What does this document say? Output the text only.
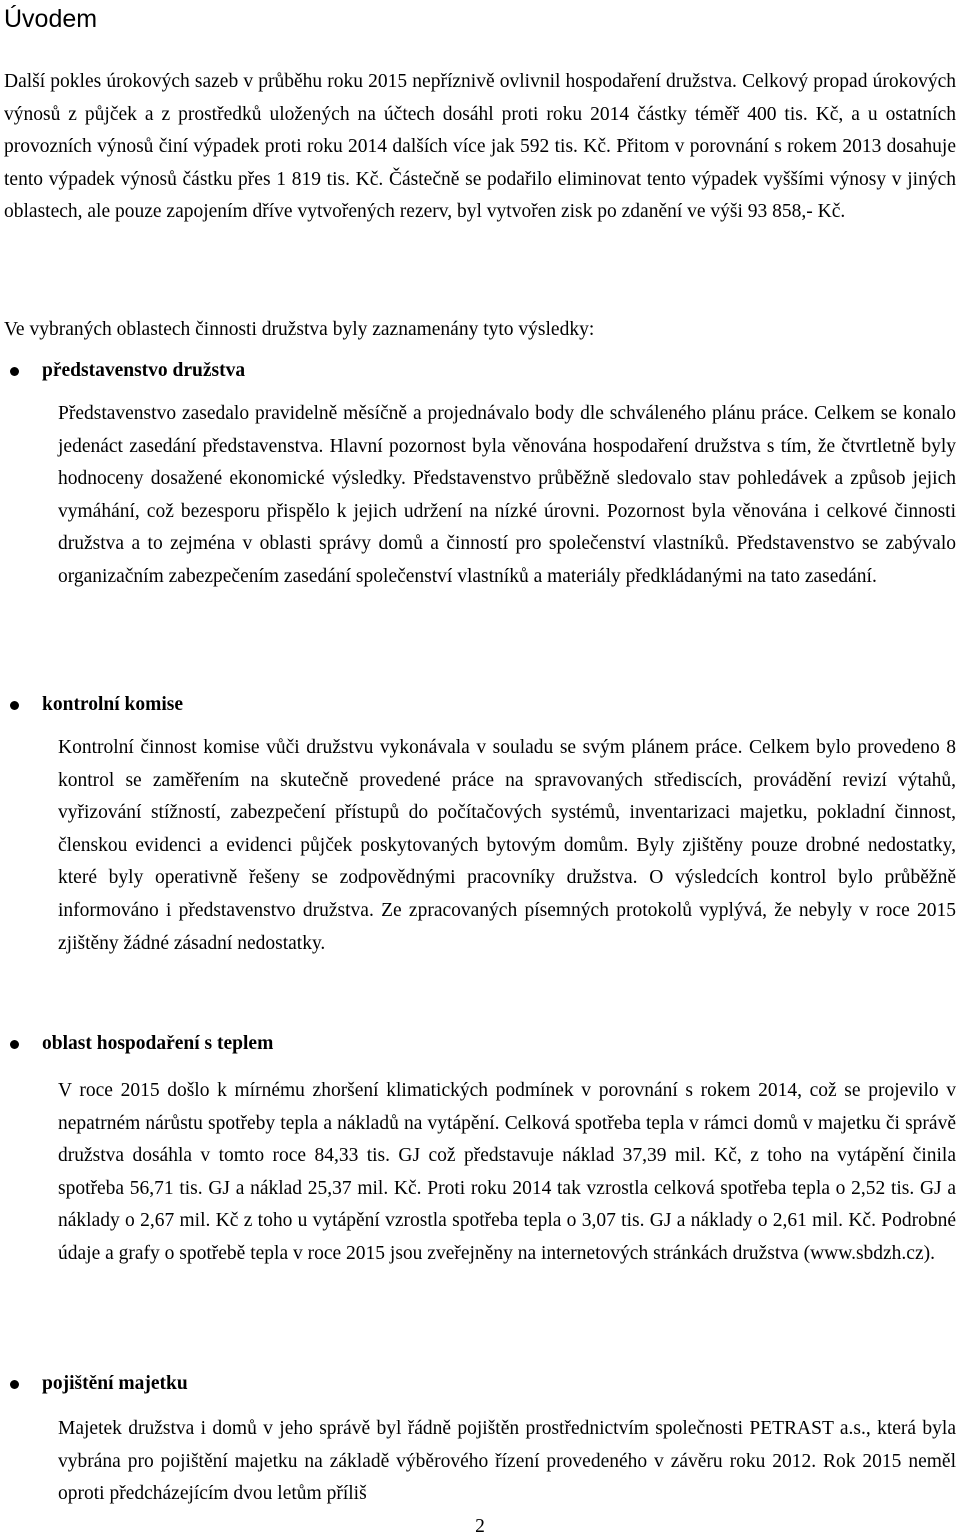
Úvodem

Další pokles úrokových sazeb v průběhu roku 2015 nepříznivě ovlivnil hospodaření družstva. Celkový propad úrokových výnosů z půjček a z prostředků uložených na účtech dosáhl proti roku 2014 částky téměř 400 tis. Kč, a u ostatních provozních výnosů činí výpadek proti roku 2014 dalších více jak 592 tis. Kč. Přitom v porovnání s rokem 2013 dosahuje tento výpadek výnosů částku přes 1 819 tis. Kč. Částečně se podařilo eliminovat tento výpadek vyššími výnosy v jiných oblastech, ale pouze zapojením dříve vytvořených rezerv, byl vytvořen zisk po zdanění ve výši 93 858,- Kč.

Ve vybraných oblastech činnosti družstva byly zaznamenány tyto výsledky:

představenstvo družstva

Představenstvo zasedalo pravidelně měsíčně a projednávalo body dle schváleného plánu práce. Celkem se konalo jedenáct zasedání představenstva. Hlavní pozornost byla věnována hospodaření družstva s tím, že čtvrtletně byly hodnoceny dosažené ekonomické výsledky. Představenstvo průběžně sledovalo stav pohledávek a způsob jejich vymáhání, což bezesporu přispělo k jejich udržení na nízké úrovni. Pozornost byla věnována i celkové činnosti družstva a to zejména v oblasti správy domů a činností pro společenství vlastníků. Představenstvo se zabývalo organizačním zabezpečením zasedání společenství vlastníků a materiály předkládanými na tato zasedání.

kontrolní komise

Kontrolní činnost komise vůči družstvu vykonávala v souladu se svým plánem práce. Celkem bylo provedeno 8 kontrol se zaměřením na skutečně provedené práce na spravovaných střediscích, provádění revizí výtahů, vyřizování stížností, zabezpečení přístupů do počítačových systémů, inventarizaci majetku, pokladní činnost, členskou evidenci a evidenci půjček poskytovaných bytovým domům. Byly zjištěny pouze drobné nedostatky, které byly operativně řešeny se zodpovědnými pracovníky družstva. O výsledcích kontrol bylo průběžně informováno i představenstvo družstva. Ze zpracovaných písemných protokolů vyplývá, že nebyly v roce 2015 zjištěny žádné zásadní nedostatky.

oblast hospodaření s teplem

V roce 2015 došlo k mírnému zhoršení klimatických podmínek v porovnání s rokem 2014, což se projevilo v nepatrném nárůstu spotřeby tepla a nákladů na vytápění. Celková spotřeba tepla v rámci domů v majetku či správě družstva dosáhla v tomto roce 84,33 tis. GJ což představuje náklad 37,39 mil. Kč, z toho na vytápění činila spotřeba 56,71 tis. GJ a náklad 25,37 mil. Kč. Proti roku 2014 tak vzrostla celková spotřeba tepla o 2,52 tis. GJ a náklady o 2,67 mil. Kč z toho u vytápění vzrostla spotřeba tepla o 3,07 tis. GJ a náklady o 2,61 mil. Kč. Podrobné údaje a grafy o spotřebě tepla v roce 2015 jsou zveřejněny na internetových stránkách družstva (www.sbdzh.cz).

pojištění majetku

Majetek družstva i domů v jeho správě byl řádně pojištěn prostřednictvím společnosti PETRAST a.s., která byla vybrána pro pojištění majetku na základě výběrového řízení provedeného v závěru roku 2012. Rok 2015 neměl oproti předcházejícím dvou letům příliš

2
